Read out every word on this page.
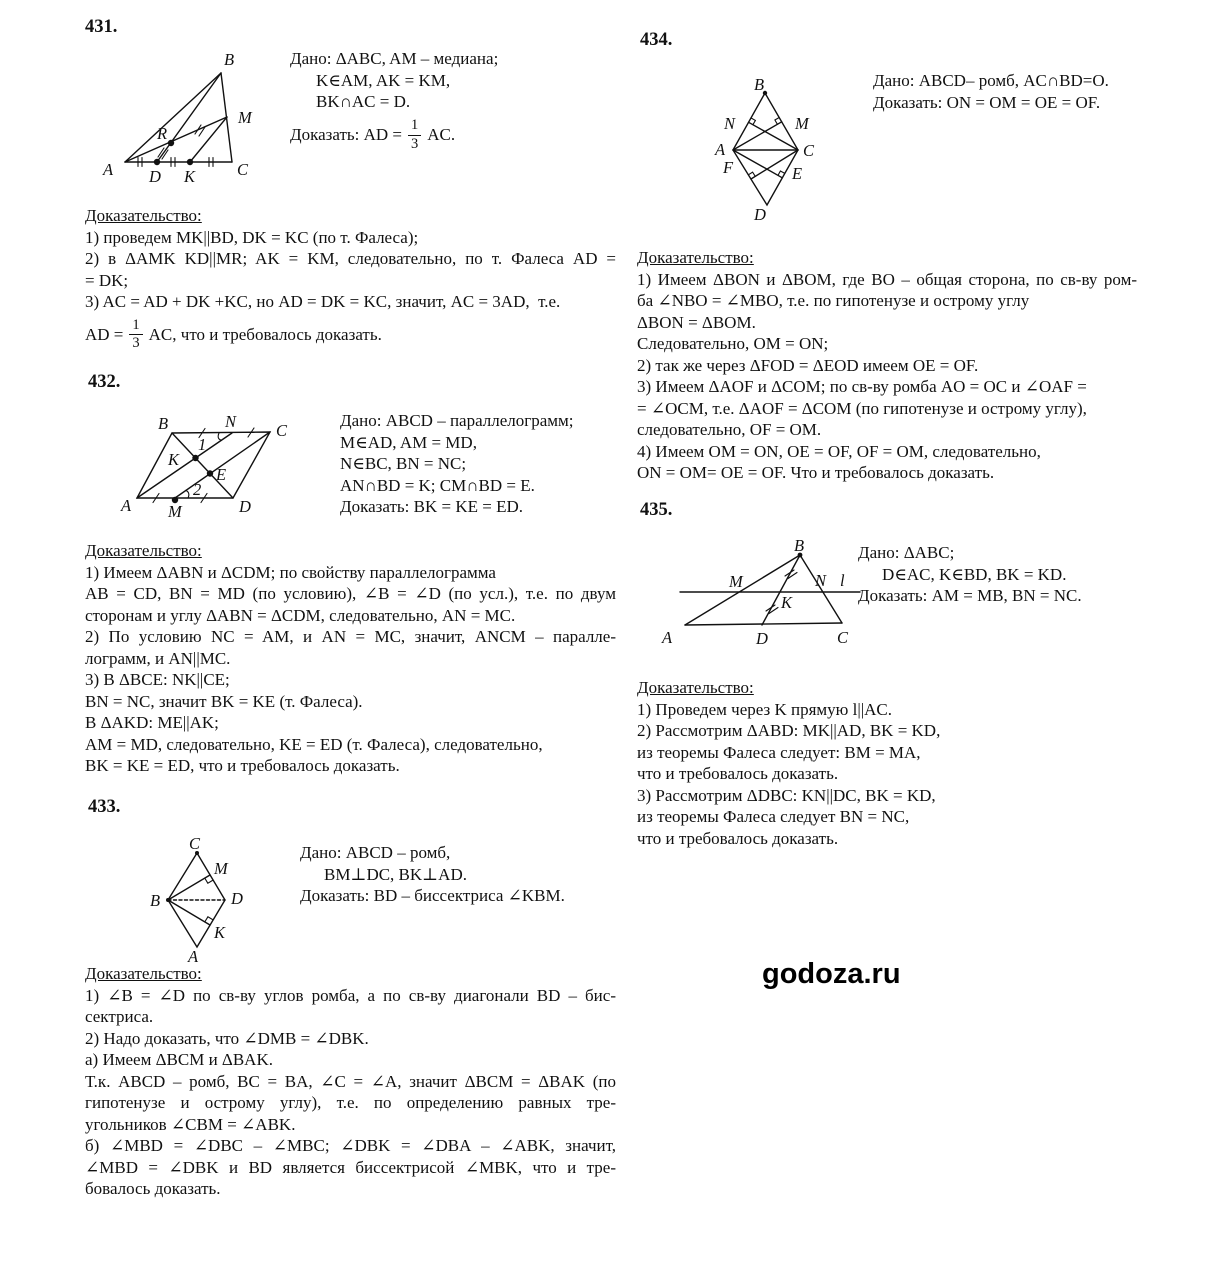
431.
A
B
C
M
R
D K
Дано: ΔABC, AM – медиана;
K∈AM, AK = KM,
BK∩AC = D.
Доказать: AD = $\frac{1}{3}$ AC.
Доказательство:
1) проведем MK||BD, DK = KC (по т. Фалеса);
2) в ΔAMK KD||MR; AK = KM, следовательно, по т. Фалеса AD =
= DK;
3) AC = AD + DK +KC, но AD = DK = KC, значит, AC = 3AD,  т.е.
AD = $\frac{1}{3}$ AC, что и требовалось доказать.
432.
B	C
A	D
N
M
K
E
1
2
Дано: ABCD – параллелограмм;
M∈AD, AM = MD,
N∈BC, BN = NC;
AN∩BD = K; CM∩BD = E.
Доказать: BK = KE = ED.
Доказательство:
1) Имеем ΔABN и ΔCDM; по свойству параллелограмма
AB = CD, BN = MD (по условию), ∠B = ∠D (по усл.), т.е. по двум
сторонам и углу ΔABN = ΔCDM, следовательно, AN = MC.
2) По условию NC = AM, и AN = MC, значит, ANCM – паралле-
лограмм, и AN||MC.
3) В ΔBCE: NK||CE;
BN = NC, значит BK = KE (т. Фалеса).
В ΔAKD: ME||AK;
AM = MD, следовательно, KE = ED (т. Фалеса), следовательно,
BK = KE = ED, что и требовалось доказать.
433.
C
B	D
A
M
K
Дано: ABCD – ромб,
BM⊥DC, BK⊥AD.
Доказать: BD – биссектриса ∠KBM.
Доказательство:
1) ∠B = ∠D по св-ву углов ромба, а по св-ву диагонали BD – бис-
сектриса.
2) Надо доказать, что ∠DMB = ∠DBK.
а) Имеем ΔBCM и ΔBAK.
Т.к. ABCD – ромб, BC = BA, ∠C = ∠A, значит ΔBCM = ΔBAK (по
гипотенузе и острому углу), т.е. по определению равных тре-
угольников ∠CBM = ∠ABK.
б) ∠MBD = ∠DBC – ∠MBC; ∠DBK = ∠DBA – ∠ABK, значит,
∠MBD = ∠DBK и BD является биссектрисой ∠MBK, что и тре-
бовалось доказать.
434.
B
A	C
D
N	M
F	E
Дано: ABCD– ромб, AC∩BD=O.
Доказать: ON = OM = OE = OF.
Доказательство:
1) Имеем ΔBON и ΔBOM, где BO – общая сторона, по св-ву ром-
ба ∠NBO = ∠MBO, т.е. по гипотенузе и острому углу
ΔBON = ΔBOM.
Следовательно, OM = ON;
2) так же через ΔFOD = ΔEOD имеем OE = OF.
3) Имеем ΔAOF и ΔCOM; по св-ву ромба AO = OC и ∠OAF =
= ∠OCM, т.е. ΔAOF = ΔCOM (по гипотенузе и острому углу),
следовательно, OF = OM.
4) Имеем OM = ON, OE = OF, OF = OM, следовательно,
ON = OM= OE = OF. Что и требовалось доказать.
435.
B
A	C
D
M	N
K
l
Дано: ΔABC;
D∈AC, K∈BD, BK = KD.
Доказать: AM = MB, BN = NC.
Доказательство:
1) Проведем через K прямую l||AC.
2) Рассмотрим ΔABD: MK||AD, BK = KD,
из теоремы Фалеса следует: BM = MA,
что и требовалось доказать.
3) Рассмотрим ΔDBC: KN||DC, BK = KD,
из теоремы Фалеса следует BN = NC,
что и требовалось доказать.
godoza.ru
